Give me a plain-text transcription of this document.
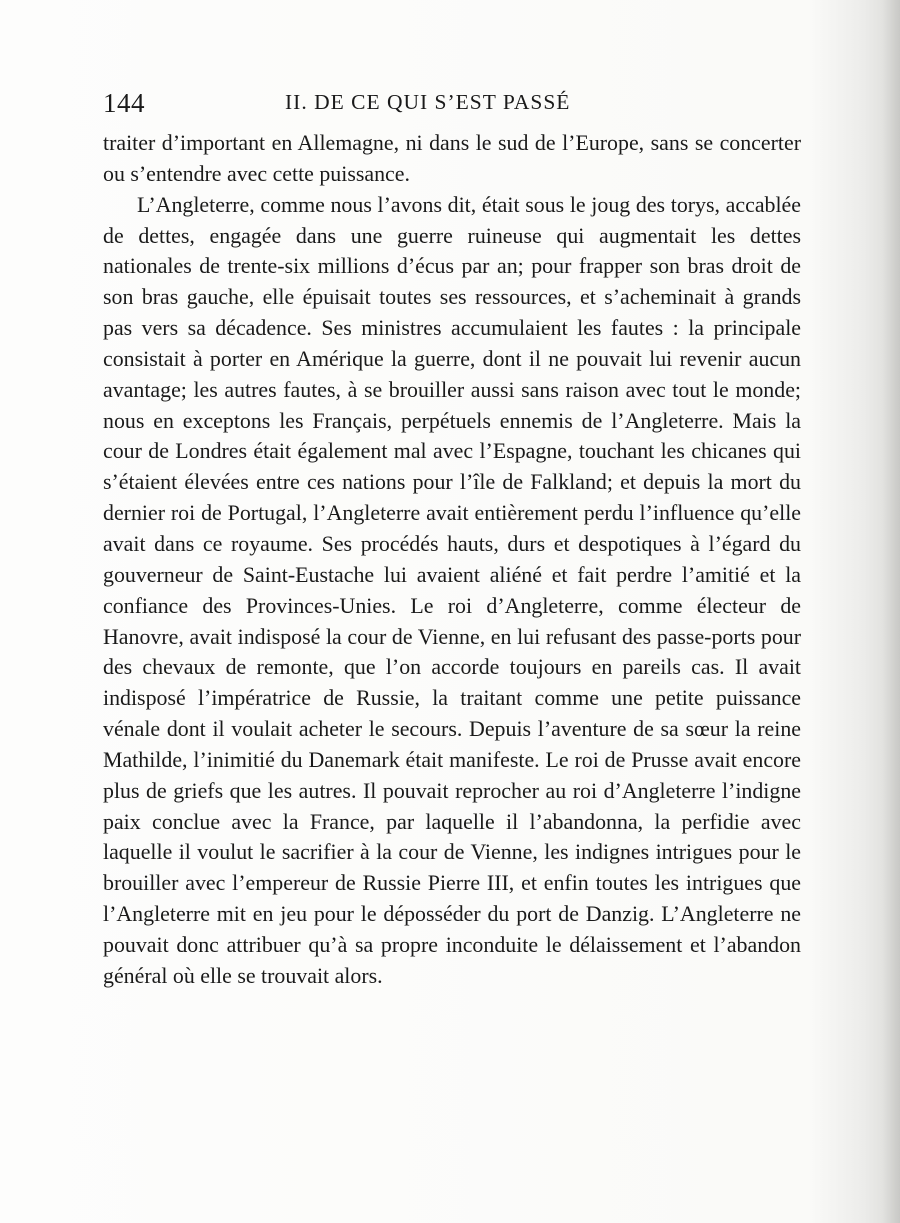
144	II. DE CE QUI S’EST PASSÉ

traiter d’important en Allemagne, ni dans le sud de l’Europe, sans se concerter ou s’entendre avec cette puissance.

L’Angleterre, comme nous l’avons dit, était sous le joug des torys, accablée de dettes, engagée dans une guerre ruineuse qui augmentait les dettes nationales de trente-six millions d’écus par an; pour frapper son bras droit de son bras gauche, elle épuisait toutes ses ressources, et s’acheminait à grands pas vers sa décadence. Ses ministres accumulaient les fautes : la principale consistait à porter en Amérique la guerre, dont il ne pouvait lui revenir aucun avantage; les autres fautes, à se brouiller aussi sans raison avec tout le monde; nous en exceptons les Français, perpétuels ennemis de l’Angleterre. Mais la cour de Londres était également mal avec l’Espagne, touchant les chicanes qui s’étaient élevées entre ces nations pour l’île de Falkland; et depuis la mort du dernier roi de Portugal, l’Angleterre avait entièrement perdu l’influence qu’elle avait dans ce royaume. Ses procédés hauts, durs et despotiques à l’égard du gouverneur de Saint-Eustache lui avaient aliéné et fait perdre l’amitié et la confiance des Provinces-Unies. Le roi d’Angleterre, comme électeur de Hanovre, avait indisposé la cour de Vienne, en lui refusant des passe-ports pour des chevaux de remonte, que l’on accorde toujours en pareils cas. Il avait indisposé l’impératrice de Russie, la traitant comme une petite puissance vénale dont il voulait acheter le secours. Depuis l’aventure de sa sœur la reine Mathilde, l’inimitié du Danemark était manifeste. Le roi de Prusse avait encore plus de griefs que les autres. Il pouvait reprocher au roi d’Angleterre l’indigne paix conclue avec la France, par laquelle il l’abandonna, la perfidie avec laquelle il voulut le sacrifier à la cour de Vienne, les indignes intrigues pour le brouiller avec l’empereur de Russie Pierre III, et enfin toutes les intrigues que l’Angleterre mit en jeu pour le déposséder du port de Danzig. L’Angleterre ne pouvait donc attribuer qu’à sa propre inconduite le délaissement et l’abandon général où elle se trouvait alors.
